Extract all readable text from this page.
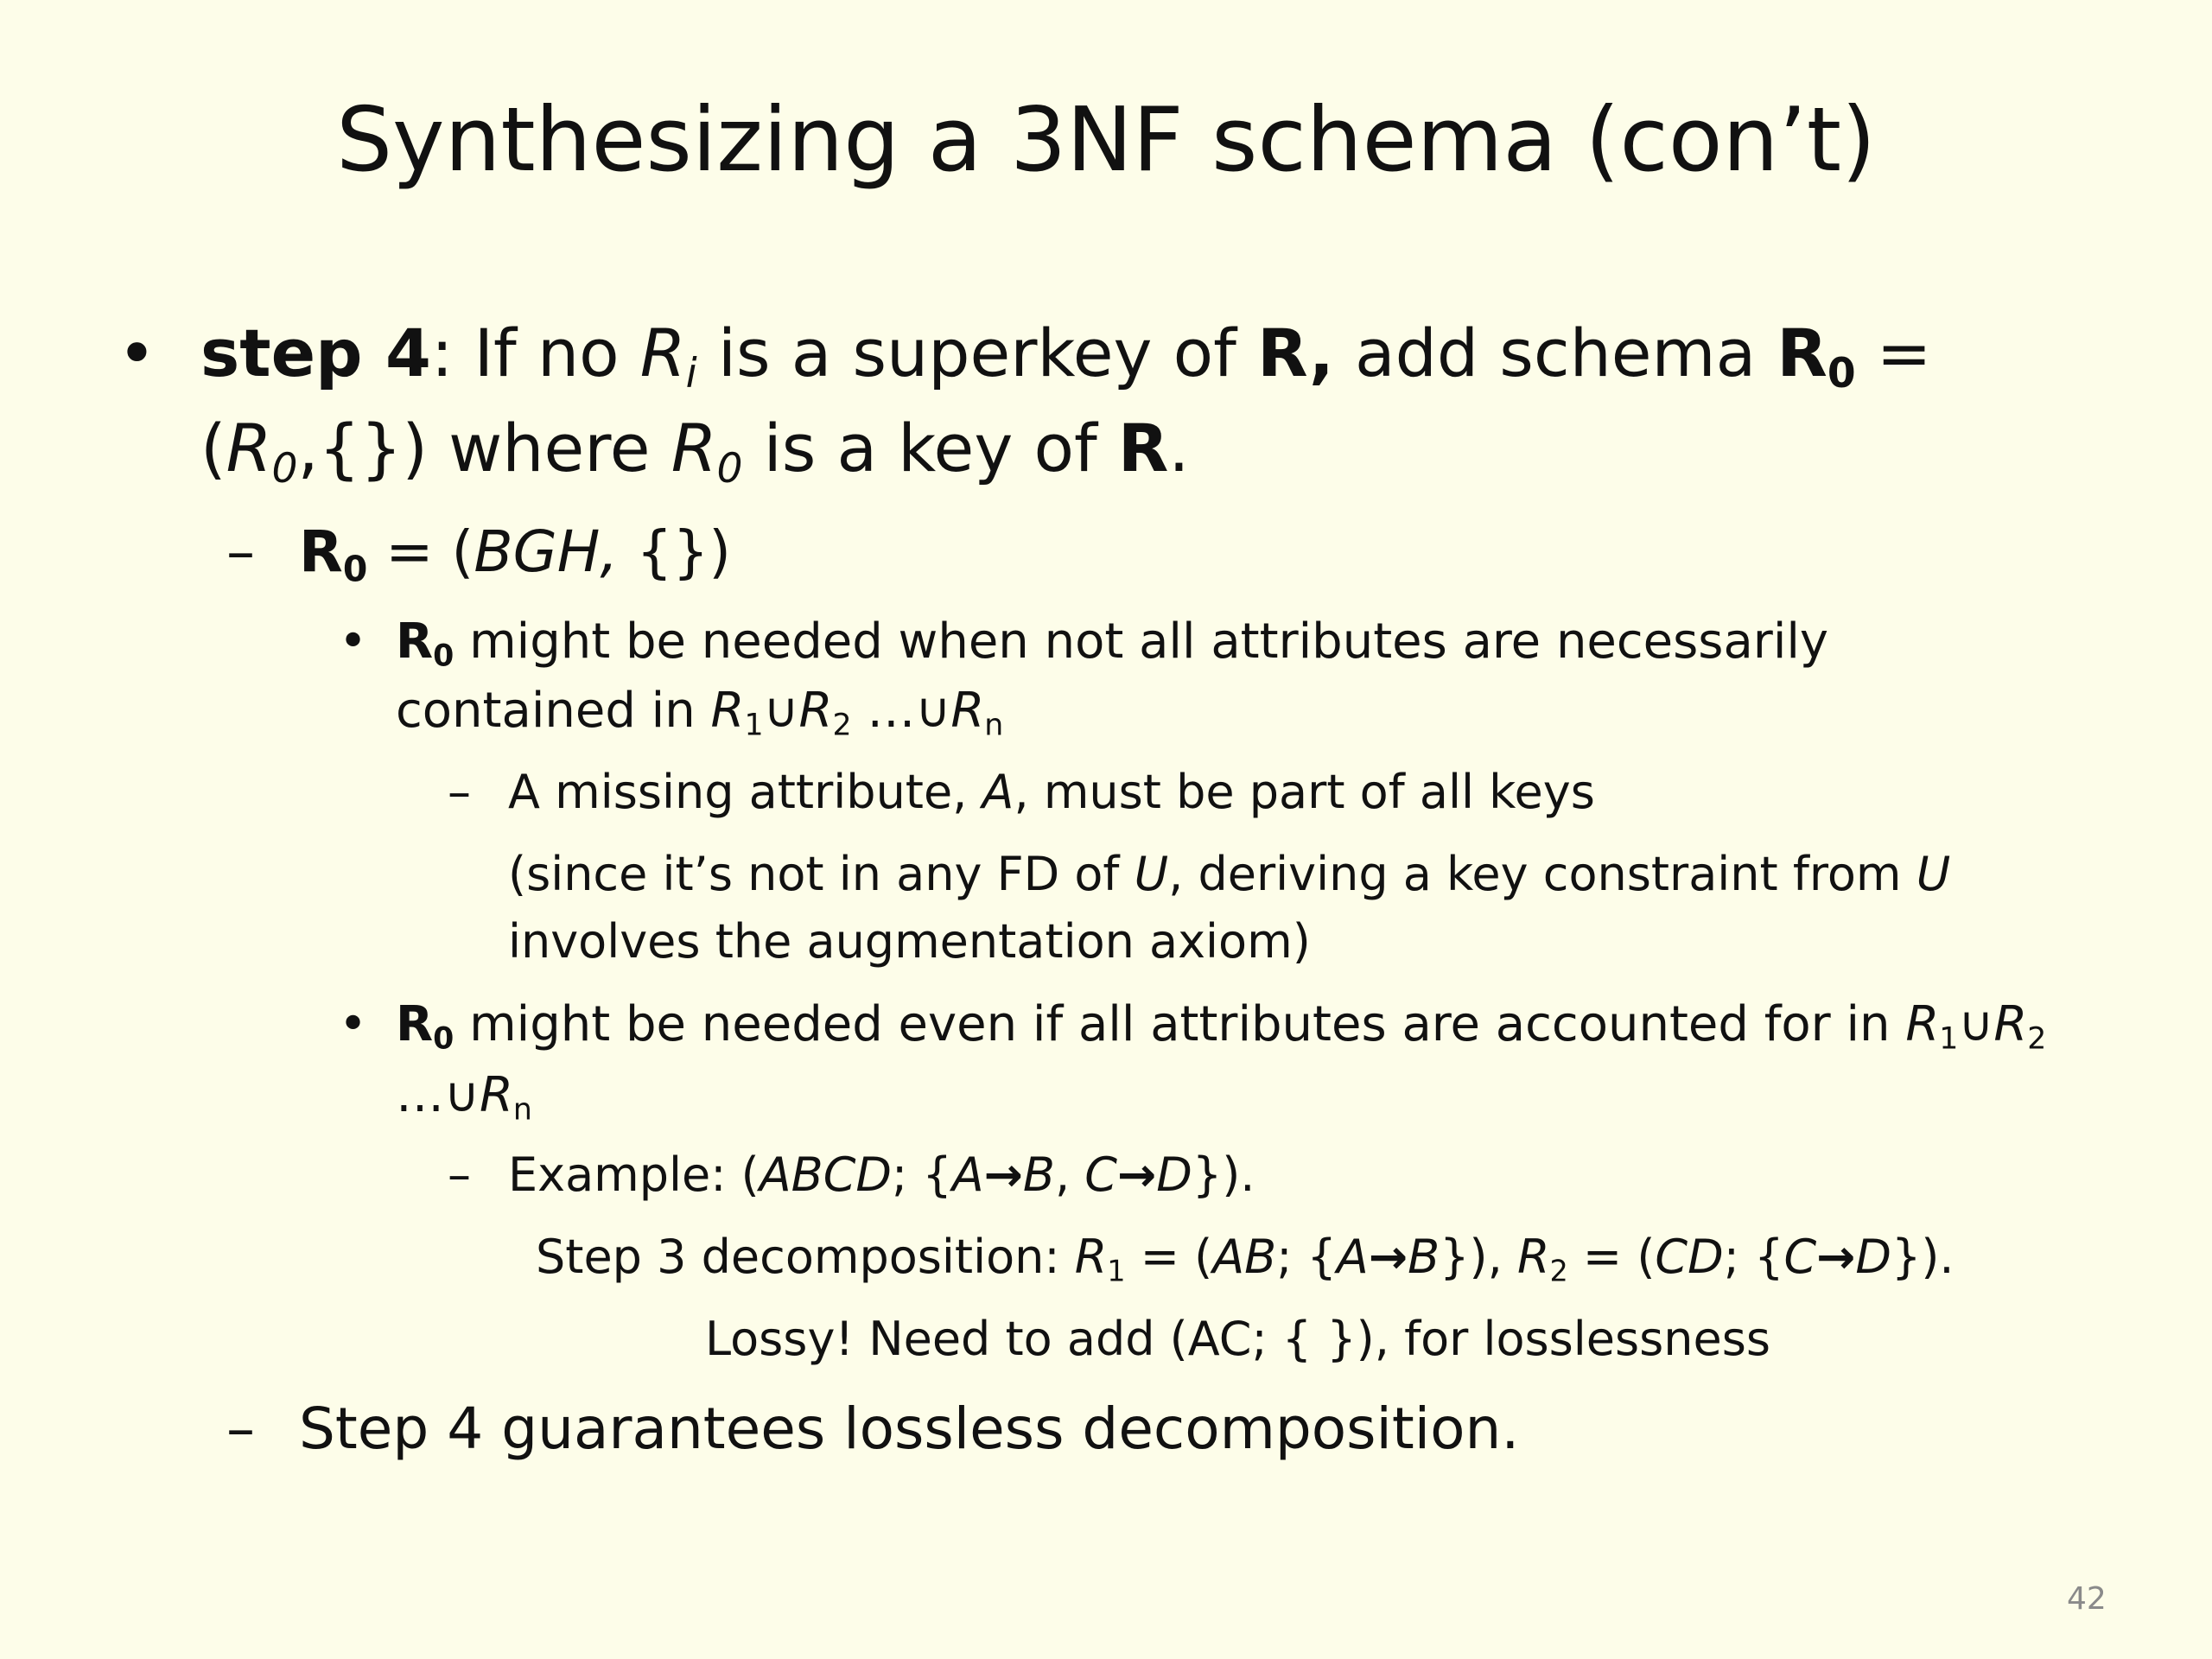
Synthesizing a 3NF schema (con’t)
• step 4: If no $R_i$ is a superkey of R, add schema $R_0$ =
$(R_0,\{\})$ where $R_0$ is a key of R.
– $R_0 = (BGH$, {})
• $R_0$ might be needed when not all attributes are necessarily
contained in $R_1\cup R_2$ $\dots\cup R_n$
– A missing attribute, A, must be part of all keys
(since it’s not in any FD of U, deriving a key constraint from U
involves the augmentation axiom)
• $R_0$ might be needed even if all attributes are accounted for in $R_1\cup R_2$
$\dots\cup R_n$
– Example: (ABCD; {A→B, C→D}).
Step 3 decomposition: $R_1 = (AB$; {A→B}), $R_2 = (CD$; {C→D}).
Lossy! Need to add (AC; { }), for losslessness
– Step 4 guarantees lossless decomposition.
42
